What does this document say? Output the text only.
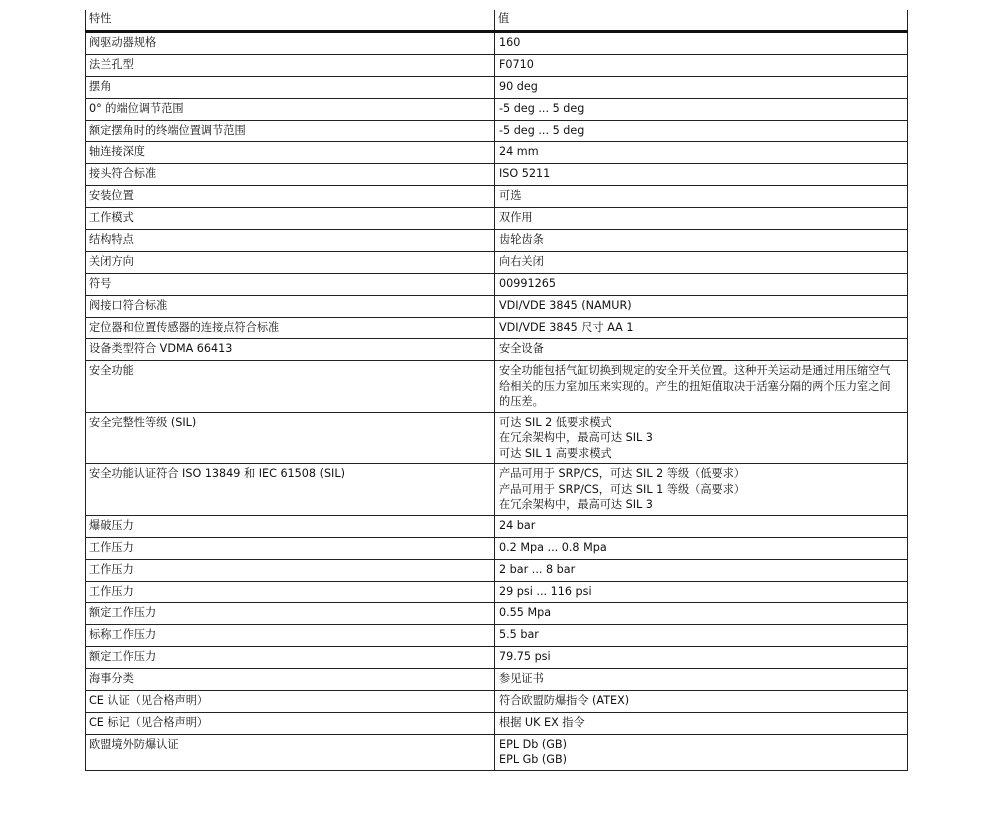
特性	值
阀驱动器规格	160
法兰孔型	F0710
摆角	90 deg
0° 的端位调节范围	-5 deg ... 5 deg
额定摆角时的终端位置调节范围	-5 deg ... 5 deg
轴连接深度	24 mm
接头符合标准	ISO 5211
安装位置	可选
工作模式	双作用
结构特点	齿轮齿条
关闭方向	向右关闭
符号	00991265
阀接口符合标准	VDI/VDE 3845 (NAMUR)
定位器和位置传感器的连接点符合标准	VDI/VDE 3845 尺寸 AA 1
设备类型符合 VDMA 66413	安全设备
安全功能	安全功能包括气缸切换到规定的安全开关位置。这种开关运动是通过用压缩空气给相关的压力室加压来实现的。产生的扭矩值取决于活塞分隔的两个压力室之间的压差。
安全完整性等级 (SIL)	可达 SIL 2 低要求模式
在冗余架构中，最高可达 SIL 3
可达 SIL 1 高要求模式
安全功能认证符合 ISO 13849 和 IEC 61508 (SIL)	产品可用于 SRP/CS，可达 SIL 2 等级（低要求）
产品可用于 SRP/CS，可达 SIL 1 等级（高要求）
在冗余架构中，最高可达 SIL 3
爆破压力	24 bar
工作压力	0.2 Mpa ... 0.8 Mpa
工作压力	2 bar ... 8 bar
工作压力	29 psi ... 116 psi
额定工作压力	0.55 Mpa
标称工作压力	5.5 bar
额定工作压力	79.75 psi
海事分类	参见证书
CE 认证（见合格声明）	符合欧盟防爆指令 (ATEX)
CE 标记（见合格声明）	根据 UK EX 指令
欧盟境外防爆认证	EPL Db (GB)
EPL Gb (GB)
